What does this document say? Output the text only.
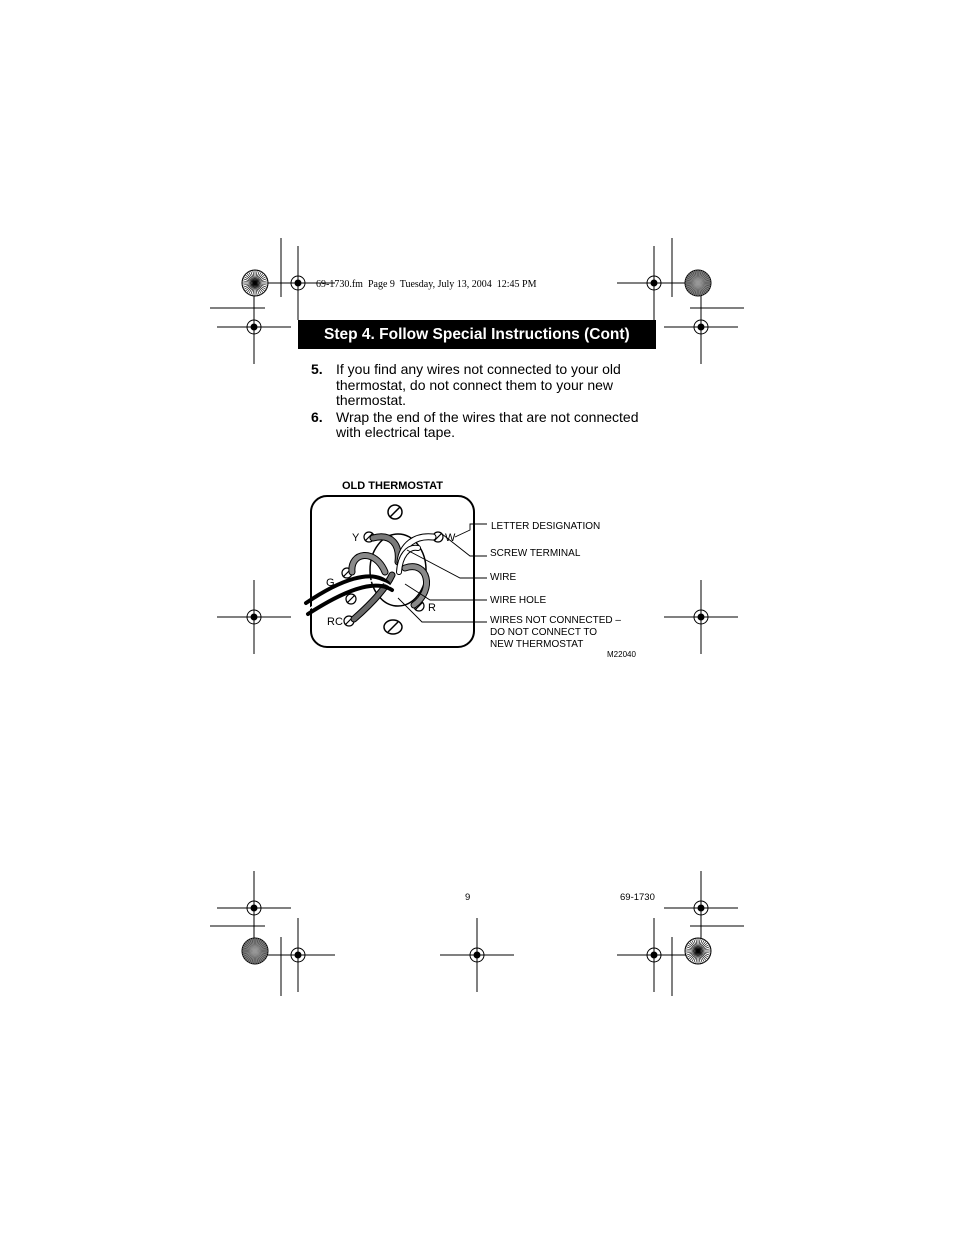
69-1730.fm  Page 9  Tuesday, July 13, 2004  12:45 PM
Step 4. Follow Special Instructions (Cont)
5. If you find any wires not connected to your old thermostat, do not connect them to your new thermostat.
6. Wrap the end of the wires that are not connected with electrical tape.
OLD THERMOSTAT
Y	W
G
R
RC
LETTER DESIGNATION
SCREW TERMINAL
WIRE
WIRE HOLE
WIRES NOT CONNECTED –
DO NOT CONNECT TO
NEW THERMOSTAT
M22040
9	69-1730
